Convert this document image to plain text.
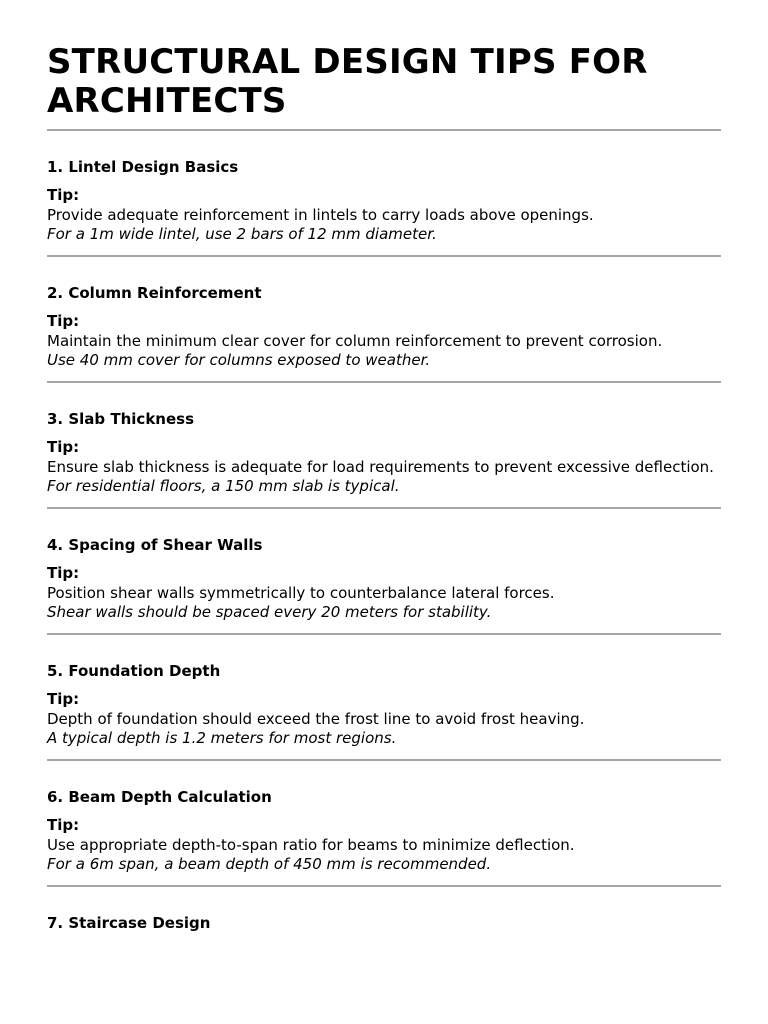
STRUCTURAL DESIGN TIPS FOR ARCHITECTS
1. Lintel Design Basics
Tip:
Provide adequate reinforcement in lintels to carry loads above openings.
For a 1m wide lintel, use 2 bars of 12 mm diameter.
2. Column Reinforcement
Tip:
Maintain the minimum clear cover for column reinforcement to prevent corrosion.
Use 40 mm cover for columns exposed to weather.
3. Slab Thickness
Tip:
Ensure slab thickness is adequate for load requirements to prevent excessive deflection.
For residential floors, a 150 mm slab is typical.
4. Spacing of Shear Walls
Tip:
Position shear walls symmetrically to counterbalance lateral forces.
Shear walls should be spaced every 20 meters for stability.
5. Foundation Depth
Tip:
Depth of foundation should exceed the frost line to avoid frost heaving.
A typical depth is 1.2 meters for most regions.
6. Beam Depth Calculation
Tip:
Use appropriate depth-to-span ratio for beams to minimize deflection.
For a 6m span, a beam depth of 450 mm is recommended.
7. Staircase Design
